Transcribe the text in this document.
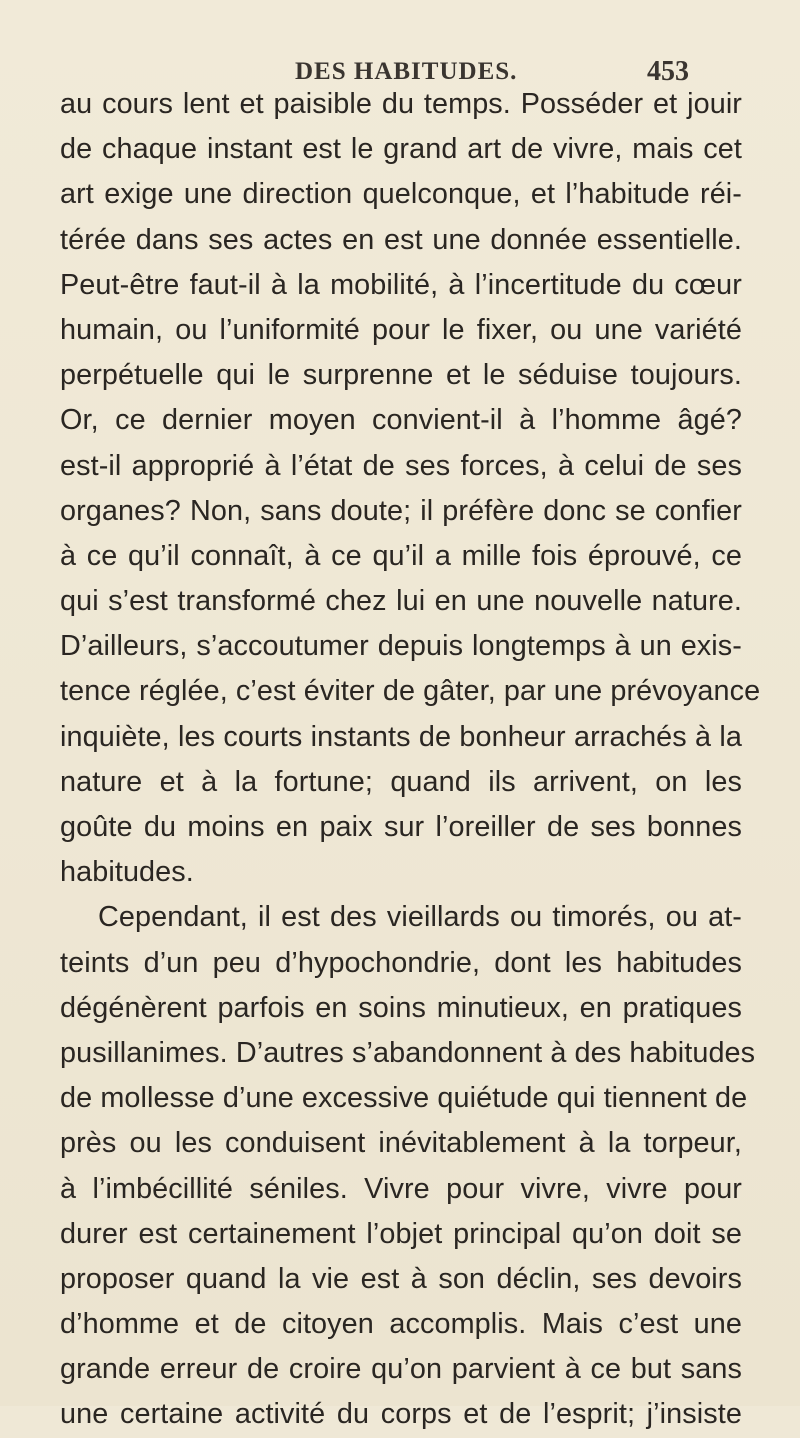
DES HABITUDES.	453
au cours lent et paisible du temps. Posséder et jouir
de chaque instant est le grand art de vivre, mais cet
art exige une direction quelconque, et l’habitude réi-
térée dans ses actes en est une donnée essentielle.
Peut-être faut-il à la mobilité, à l’incertitude du cœur
humain, ou l’uniformité pour le fixer, ou une variété
perpétuelle qui le surprenne et le séduise toujours.
Or, ce dernier moyen convient-il à l’homme âgé?
est-il approprié à l’état de ses forces, à celui de ses
organes? Non, sans doute; il préfère donc se confier
à ce qu’il connaît, à ce qu’il a mille fois éprouvé, ce
qui s’est transformé chez lui en une nouvelle nature.
D’ailleurs, s’accoutumer depuis longtemps à un exis-
tence réglée, c’est éviter de gâter, par une prévoyance
inquiète, les courts instants de bonheur arrachés à la
nature et à la fortune; quand ils arrivent, on les
goûte du moins en paix sur l’oreiller de ses bonnes
habitudes.
Cependant, il est des vieillards ou timorés, ou at-
teints d’un peu d’hypochondrie, dont les habitudes
dégénèrent parfois en soins minutieux, en pratiques
pusillanimes. D’autres s’abandonnent à des habitudes
de mollesse d’une excessive quiétude qui tiennent de
près ou les conduisent inévitablement à la torpeur,
à l’imbécillité séniles. Vivre pour vivre, vivre pour
durer est certainement l’objet principal qu’on doit se
proposer quand la vie est à son déclin, ses devoirs
d’homme et de citoyen accomplis. Mais c’est une
grande erreur de croire qu’on parvient à ce but sans
une certaine activité du corps et de l’esprit; j’insiste
